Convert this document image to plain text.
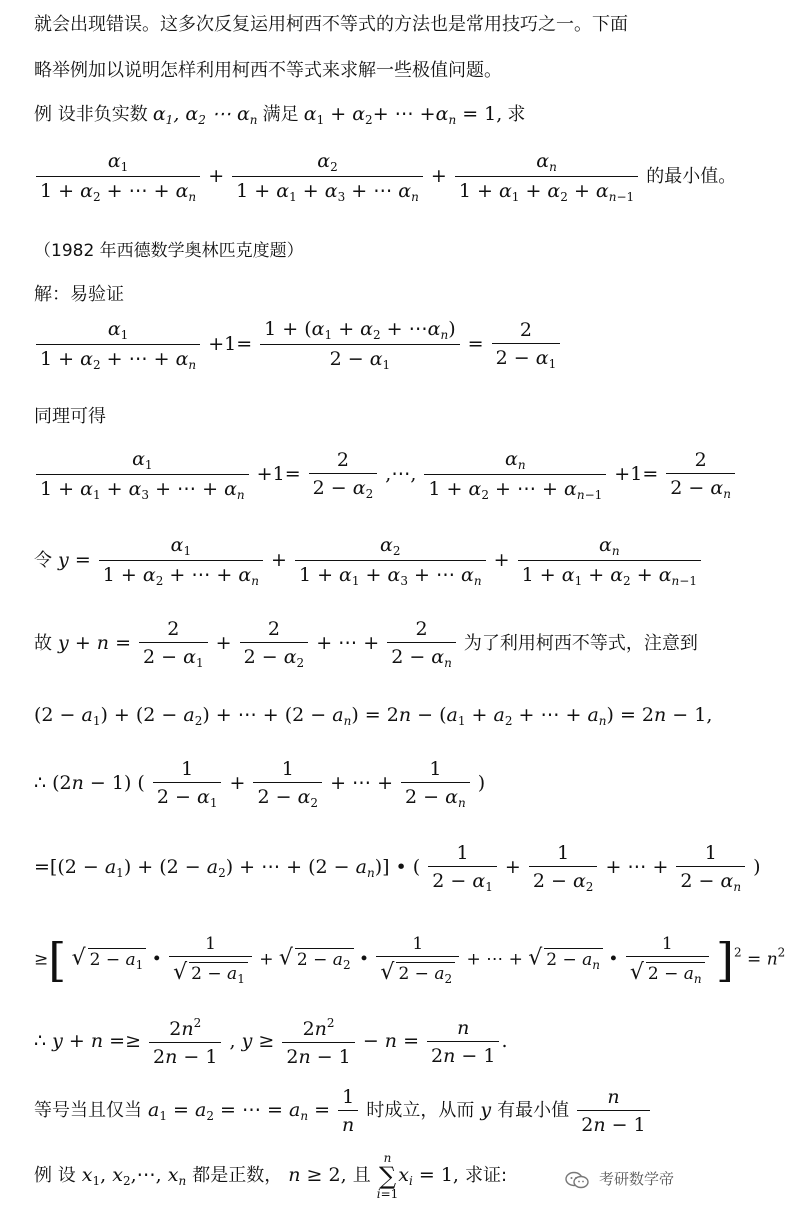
就会出现错误。这多次反复运用柯西不等式的方法也是常用技巧之一。下面
略举例加以说明怎样利用柯西不等式来求解一些极值问题。
例 设非负实数 $\alpha_1$, $\alpha_2$ ⋯ $\alpha_n$ 满足 $\alpha_1 + \alpha_2+$ ⋯ $+\alpha_n = 1$, 求
$\frac{\alpha_1}{1 + \alpha_2 + \cdots + \alpha_n} + \frac{\alpha_2}{1 + \alpha_1 + \alpha_3 + \cdots \alpha_n} + \frac{\alpha_n}{1 + \alpha_1 + \alpha_2 + \alpha_{n-1}}$ 的最小值。
（1982 年西德数学奥林匹克度题）
解：易验证
$\frac{\alpha_1}{1 + \alpha_2 + \cdots + \alpha_n} +1= \frac{1 + (\alpha_1 + \alpha_2 + \cdots\alpha_n)}{2 - \alpha_1} = \frac{2}{2 - \alpha_1}$
同理可得
$\frac{\alpha_1}{1 + \alpha_1 + \alpha_3 + \cdots + \alpha_n} +1= \frac{2}{2 - \alpha_2}$ ,⋯, $\frac{\alpha_n}{1 + \alpha_2 + \cdots + \alpha_{n-1}} +1= \frac{2}{2 - \alpha_n}$
令 $y = \frac{\alpha_1}{1 + \alpha_2 + \cdots + \alpha_n} + \frac{\alpha_2}{1 + \alpha_1 + \alpha_3 + \cdots \alpha_n} + \frac{\alpha_n}{1 + \alpha_1 + \alpha_2 + \alpha_{n-1}}$
故 $y + n = \frac{2}{2 - \alpha_1} + \frac{2}{2 - \alpha_2}$ + ⋯ + $\frac{2}{2 - \alpha_n}$ 为了利用柯西不等式，注意到
$(2 - a_1) + (2 - a_2)$ + ⋯ + $(2 - a_n) = 2n - (a_1 + a_2$ + ⋯ + $a_n) = 2n - 1$,
∴ (2n − 1) ( $\frac{1}{2 - \alpha_1} + \frac{1}{2 - \alpha_2}$ + ⋯ + $\frac{1}{2 - \alpha_n}$ )
$=[(2 - a_1) + (2 - a_2)$ + ⋯ + $(2 - a_n)$] • ( $\frac{1}{2 - \alpha_1} + \frac{1}{2 - \alpha_2}$ + ⋯ + $\frac{1}{2 - \alpha_n}$ )
≥[ √ $2 - a_1$ • $\frac{1}{√ 2 - a_1}$ + √ $2 - a_2$ • $\frac{1}{√ 2 - a_2}$ + ⋯ + √ $2 - a_n$ • $\frac{1}{√ 2 - a_n} ]^2 = n^2$
∴ $y + n =\ge \frac{2n^2}{2n - 1}$ , $y \ge \frac{2n^2}{2n - 1} - n = \frac{n}{2n - 1}$ .
等号当且仅当 $a_1 = a_2$ = ⋯ = $a_n = \frac{1}{n}$ 时成立，从而 y 有最小值 $\frac{n}{2n - 1}$
例 设 $x_1$, $x_2,\cdots$, $x_n$ 都是正数， n ≥ 2, 且 n
∑
$i=1x_i = 1$, 求证:	考研数学帝
